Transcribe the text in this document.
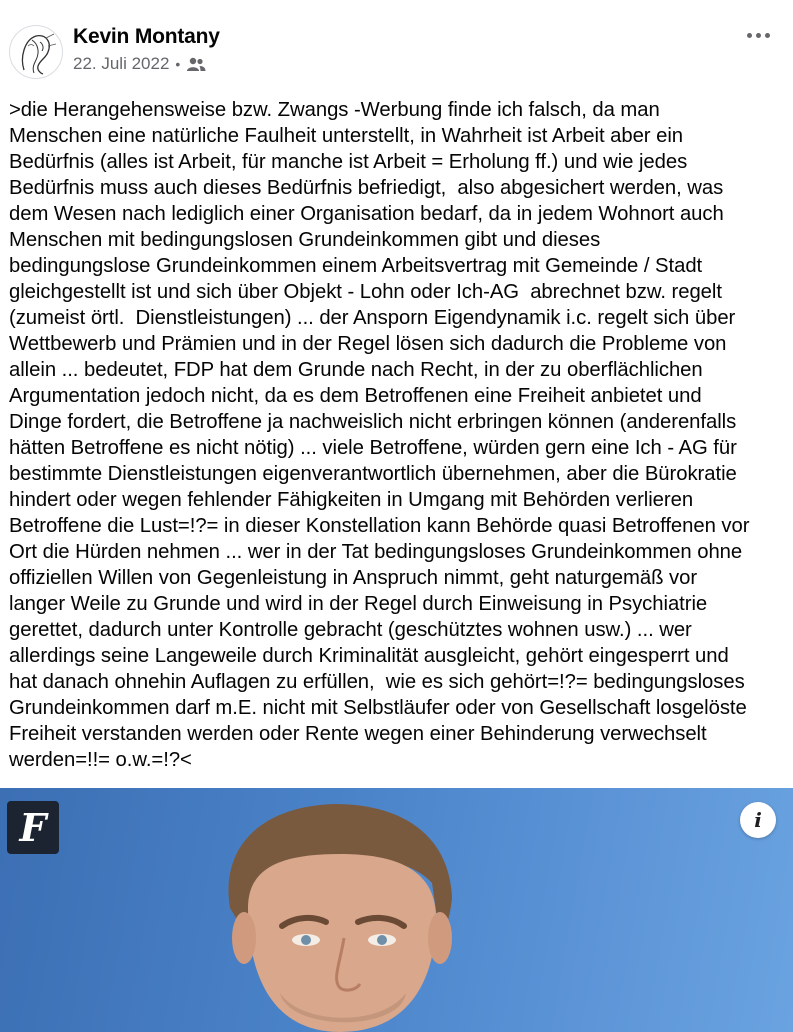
Kevin Montany
22. Juli 2022 •

>die Herangehensweise bzw. Zwangs -Werbung finde ich falsch, da man
Menschen eine natürliche Faulheit unterstellt, in Wahrheit ist Arbeit aber ein
Bedürfnis (alles ist Arbeit, für manche ist Arbeit = Erholung ff.) und wie jedes
Bedürfnis muss auch dieses Bedürfnis befriedigt,  also abgesichert werden, was
dem Wesen nach lediglich einer Organisation bedarf, da in jedem Wohnort auch
Menschen mit bedingungslosen Grundeinkommen gibt und dieses
bedingungslose Grundeinkommen einem Arbeitsvertrag mit Gemeinde / Stadt
gleichgestellt ist und sich über Objekt - Lohn oder Ich-AG  abrechnet bzw. regelt
(zumeist örtl.  Dienstleistungen) ... der Ansporn Eigendynamik i.c. regelt sich über
Wettbewerb und Prämien und in der Regel lösen sich dadurch die Probleme von
allein ... bedeutet, FDP hat dem Grunde nach Recht, in der zu oberflächlichen
Argumentation jedoch nicht, da es dem Betroffenen eine Freiheit anbietet und
Dinge fordert, die Betroffene ja nachweislich nicht erbringen können (anderenfalls
hätten Betroffene es nicht nötig) ... viele Betroffene, würden gern eine Ich - AG für
bestimmte Dienstleistungen eigenverantwortlich übernehmen, aber die Bürokratie
hindert oder wegen fehlender Fähigkeiten in Umgang mit Behörden verlieren
Betroffene die Lust=!?= in dieser Konstellation kann Behörde quasi Betroffenen vor
Ort die Hürden nehmen ... wer in der Tat bedingungsloses Grundeinkommen ohne
offiziellen Willen von Gegenleistung in Anspruch nimmt, geht naturgemäß vor
langer Weile zu Grunde und wird in der Regel durch Einweisung in Psychiatrie
gerettet, dadurch unter Kontrolle gebracht (geschütztes wohnen usw.) ... wer
allerdings seine Langeweile durch Kriminalität ausgleicht, gehört eingesperrt und
hat danach ohnehin Auflagen zu erfüllen,  wie es sich gehört=!?= bedingungsloses
Grundeinkommen darf m.E. nicht mit Selbstläufer oder von Gesellschaft losgelöste
Freiheit verstanden werden oder Rente wegen einer Behinderung verwechselt
werden=!!= o.w.=!?<

F	i
